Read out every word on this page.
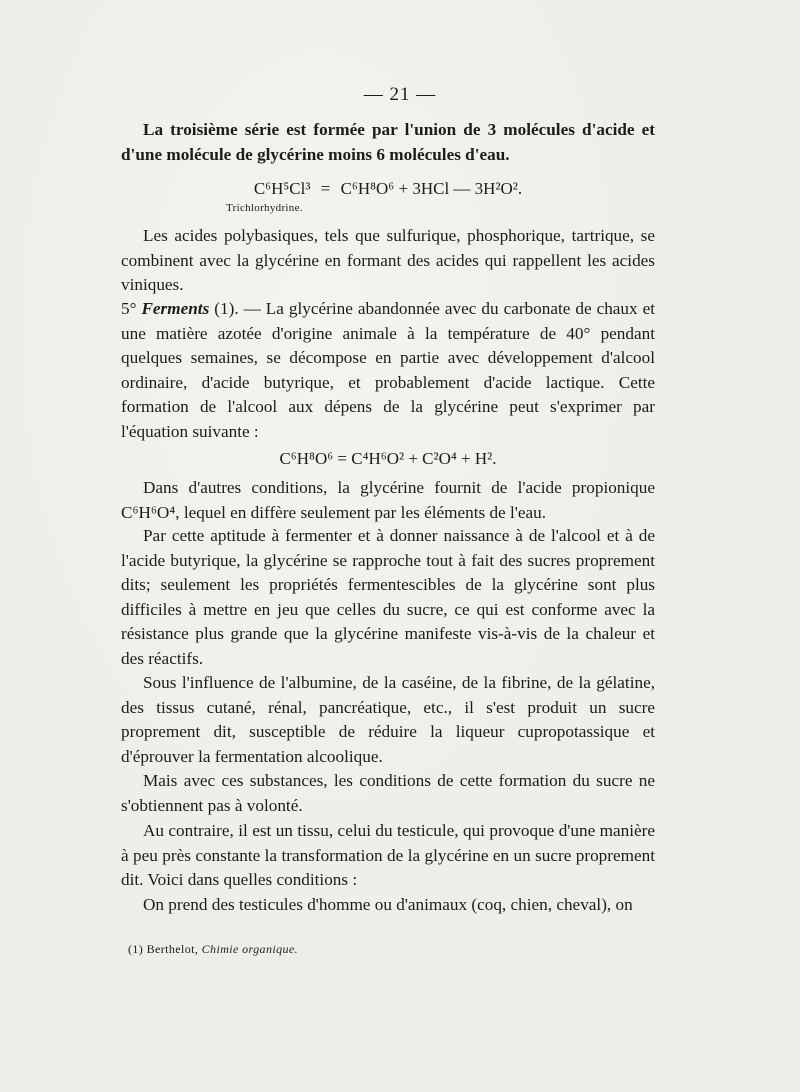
— 21 —

La troisième série est formée par l'union de 3 molécules d'acide et d'une molécule de glycérine moins 6 molécules d'eau.

C⁶H⁵Cl³ = C⁶H⁸O⁶ + 3HCl — 3H²O².

Trichlorhydrine.

Les acides polybasiques, tels que sulfurique, phosphorique, tartrique, se combinent avec la glycérine en formant des acides qui rappellent les acides viniques.

5° Ferments (1). — La glycérine abandonnée avec du carbonate de chaux et une matière azotée d'origine animale à la température de 40° pendant quelques semaines, se décompose en partie avec développement d'alcool ordinaire, d'acide butyrique, et probablement d'acide lactique. Cette formation de l'alcool aux dépens de la glycérine peut s'exprimer par l'équation suivante :

C⁶H⁸O⁶ = C⁴H⁶O² + C²O⁴ + H².

Dans d'autres conditions, la glycérine fournit de l'acide propionique C⁶H⁶O⁴, lequel en diffère seulement par les éléments de l'eau.

Par cette aptitude à fermenter et à donner naissance à de l'alcool et à de l'acide butyrique, la glycérine se rapproche tout à fait des sucres proprement dits; seulement les propriétés fermentescibles de la glycérine sont plus difficiles à mettre en jeu que celles du sucre, ce qui est conforme avec la résistance plus grande que la glycérine manifeste vis-à-vis de la chaleur et des réactifs.

Sous l'influence de l'albumine, de la caséine, de la fibrine, de la gélatine, des tissus cutané, rénal, pancréatique, etc., il s'est produit un sucre proprement dit, susceptible de réduire la liqueur cupropotassique et d'éprouver la fermentation alcoolique.

Mais avec ces substances, les conditions de cette formation du sucre ne s'obtiennent pas à volonté.

Au contraire, il est un tissu, celui du testicule, qui provoque d'une manière à peu près constante la transformation de la glycérine en un sucre proprement dit. Voici dans quelles conditions :

On prend des testicules d'homme ou d'animaux (coq, chien, cheval), on

(1) Berthelot, Chimie organique.
